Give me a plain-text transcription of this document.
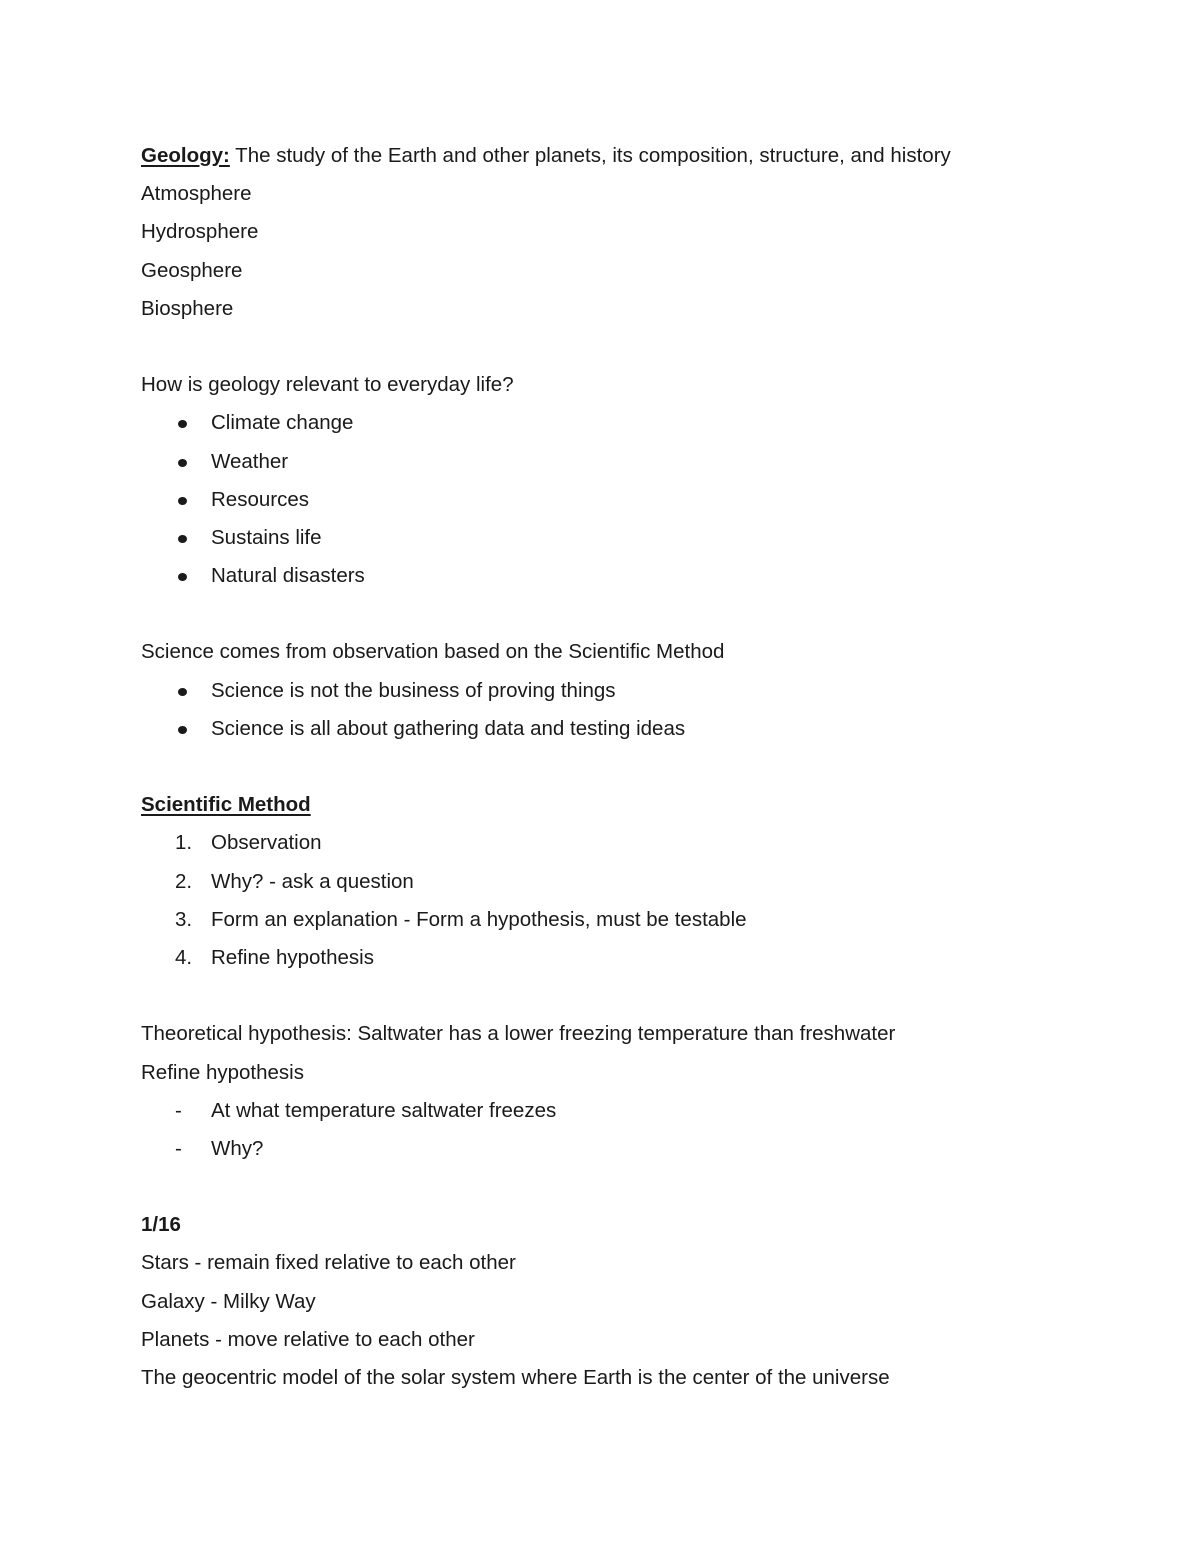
Geology: The study of the Earth and other planets, its composition, structure, and history
Atmosphere
Hydrosphere
Geosphere
Biosphere
How is geology relevant to everyday life?
Climate change
Weather
Resources
Sustains life
Natural disasters
Science comes from observation based on the Scientific Method
Science is not the business of proving things
Science is all about gathering data and testing ideas
Scientific Method
1. Observation
2. Why? - ask a question
3. Form an explanation - Form a hypothesis, must be testable
4. Refine hypothesis
Theoretical hypothesis: Saltwater has a lower freezing temperature than freshwater
Refine hypothesis
- At what temperature saltwater freezes
- Why?
1/16
Stars - remain fixed relative to each other
Galaxy - Milky Way
Planets - move relative to each other
The geocentric model of the solar system where Earth is the center of the universe
